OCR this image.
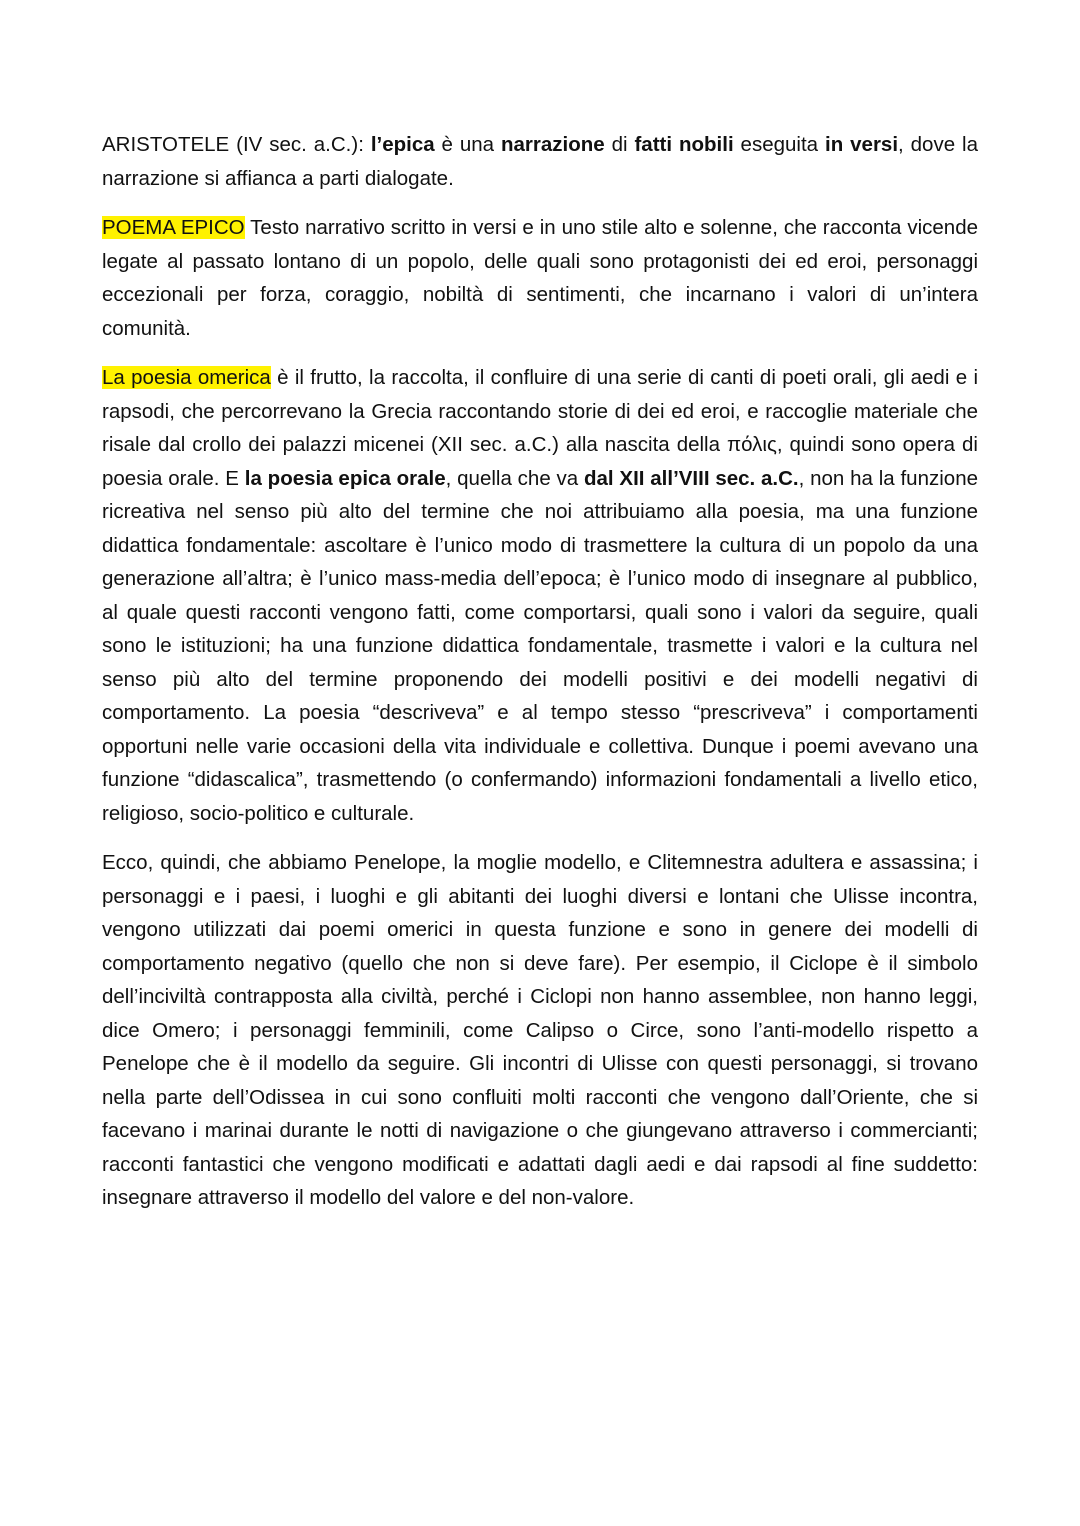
ARISTOTELE (IV sec. a.C.): l’epica è una narrazione di fatti nobili eseguita in versi, dove la narrazione si affianca a parti dialogate.

POEMA EPICO Testo narrativo scritto in versi e in uno stile alto e solenne, che racconta vicende legate al passato lontano di un popolo, delle quali sono protagonisti dei ed eroi, personaggi eccezionali per forza, coraggio, nobiltà di sentimenti, che incarnano i valori di un’intera comunità.

La poesia omerica è il frutto, la raccolta, il confluire di una serie di canti di poeti orali, gli aedi e i rapsodi, che percorrevano la Grecia raccontando storie di dei ed eroi, e raccoglie materiale che risale dal crollo dei palazzi micenei (XII sec. a.C.) alla nascita della πόλις, quindi sono opera di poesia orale. E la poesia epica orale, quella che va dal XII all’VIII sec. a.C., non ha la funzione ricreativa nel senso più alto del termine che noi attribuiamo alla poesia, ma una funzione didattica fondamentale: ascoltare è l’unico modo di trasmettere la cultura di un popolo da una generazione all’altra; è l’unico mass-media dell’epoca; è l’unico modo di insegnare al pubblico, al quale questi racconti vengono fatti, come comportarsi, quali sono i valori da seguire, quali sono le istituzioni; ha una funzione didattica fondamentale, trasmette i valori e la cultura nel senso più alto del termine proponendo dei modelli positivi e dei modelli negativi di comportamento. La poesia “descriveva” e al tempo stesso “prescriveva” i comportamenti opportuni nelle varie occasioni della vita individuale e collettiva. Dunque i poemi avevano una funzione “didascalica”, trasmettendo (o confermando) informazioni fondamentali a livello etico, religioso, socio-politico e culturale.

Ecco, quindi, che abbiamo Penelope, la moglie modello, e Clitemnestra adultera e assassina; i personaggi e i paesi, i luoghi e gli abitanti dei luoghi diversi e lontani che Ulisse incontra, vengono utilizzati dai poemi omerici in questa funzione e sono in genere dei modelli di comportamento negativo (quello che non si deve fare). Per esempio, il Ciclope è il simbolo dell’inciviltà contrapposta alla civiltà, perché i Ciclopi non hanno assemblee, non hanno leggi, dice Omero; i personaggi femminili, come Calipso o Circe, sono l’anti-modello rispetto a Penelope che è il modello da seguire. Gli incontri di Ulisse con questi personaggi, si trovano nella parte dell’Odissea in cui sono confluiti molti racconti che vengono dall’Oriente, che si facevano i marinai durante le notti di navigazione o che giungevano attraverso i commercianti; racconti fantastici che vengono modificati e adattati dagli aedi e dai rapsodi al fine suddetto: insegnare attraverso il modello del valore e del non-valore.
